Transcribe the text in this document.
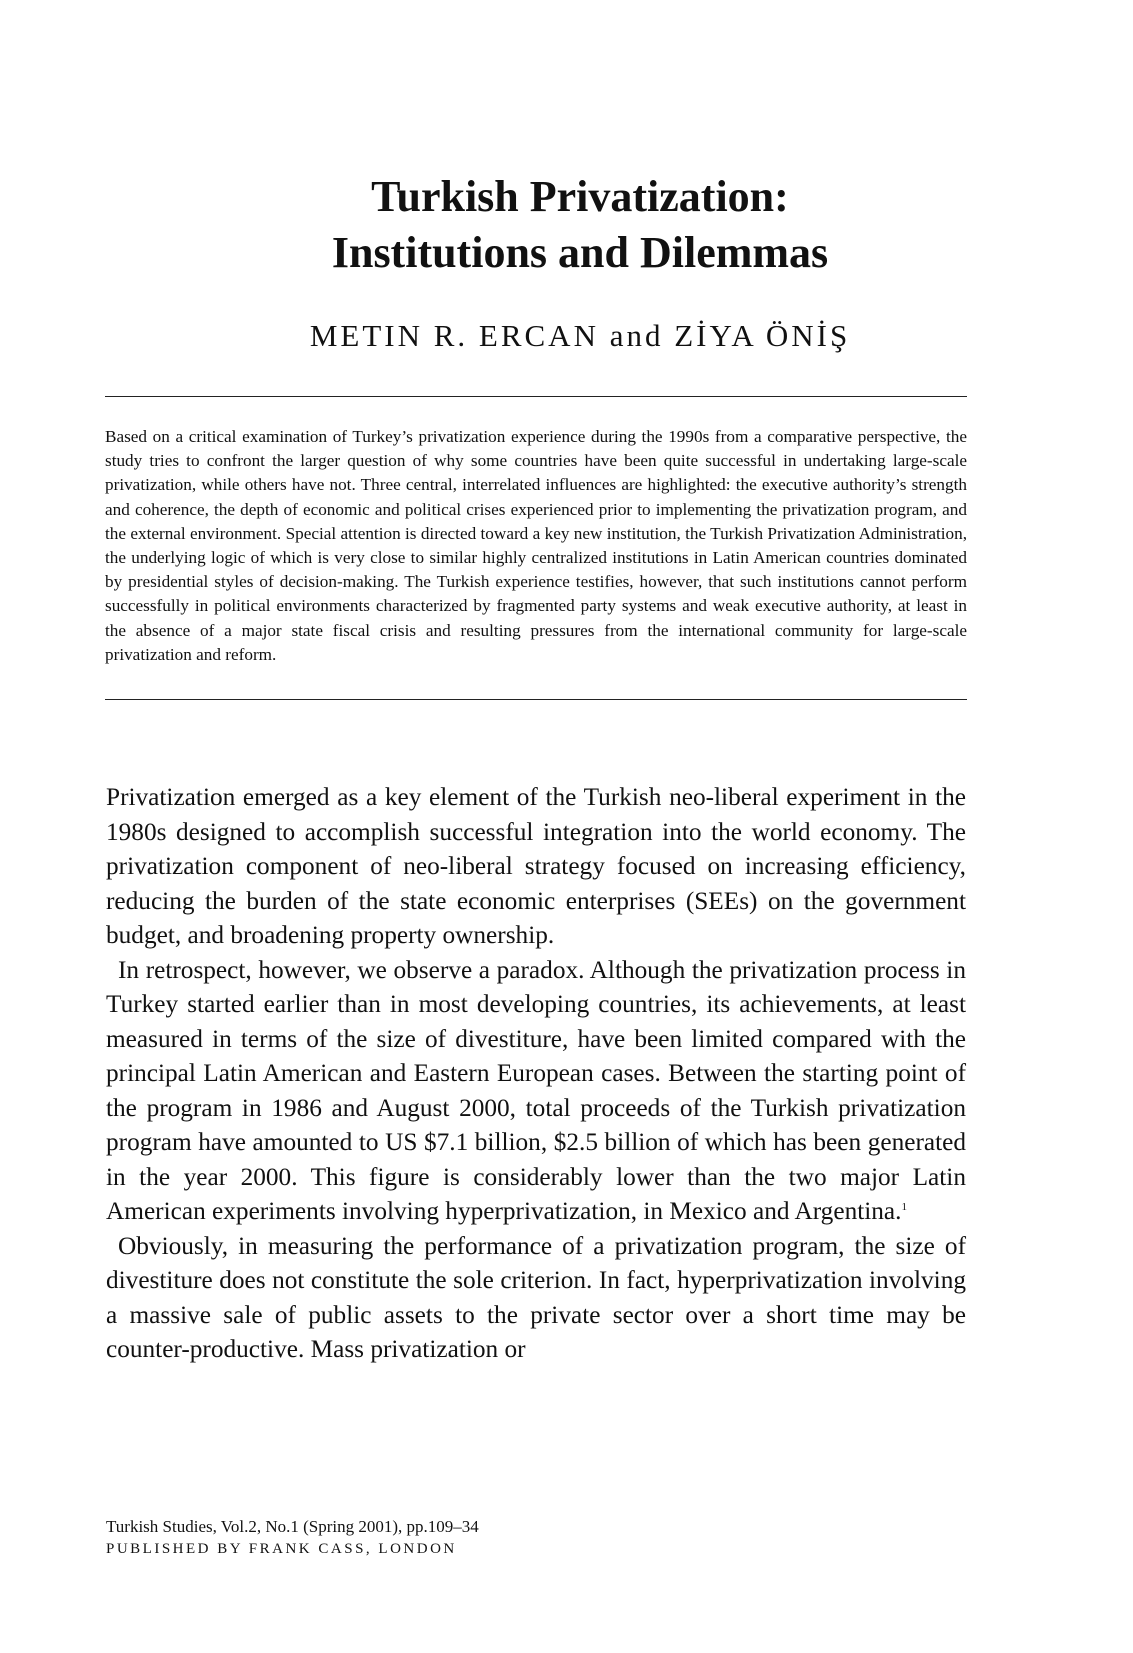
Turkish Privatization:
Institutions and Dilemmas
METIN R. ERCAN and ZİYA ÖNİŞ

Based on a critical examination of Turkey’s privatization experience during the 1990s from a comparative perspective, the study tries to confront the larger question of why some countries have been quite successful in undertaking large-scale privatization, while others have not. Three central, interrelated influences are highlighted: the executive authority’s strength and coherence, the depth of economic and political crises experienced prior to implementing the privatization program, and the external environment. Special attention is directed toward a key new institution, the Turkish Privatization Administration, the underlying logic of which is very close to similar highly centralized institutions in Latin American countries dominated by presidential styles of decision-making. The Turkish experience testifies, however, that such institutions cannot perform successfully in political environments characterized by fragmented party systems and weak executive authority, at least in the absence of a major state fiscal crisis and resulting pressures from the international community for large-scale privatization and reform.

Privatization emerged as a key element of the Turkish neo-liberal experiment in the 1980s designed to accomplish successful integration into the world economy. The privatization component of neo-liberal strategy focused on increasing efficiency, reducing the burden of the state economic enterprises (SEEs) on the government budget, and broadening property ownership.

In retrospect, however, we observe a paradox. Although the privatization process in Turkey started earlier than in most developing countries, its achievements, at least measured in terms of the size of divestiture, have been limited compared with the principal Latin American and Eastern European cases. Between the starting point of the program in 1986 and August 2000, total proceeds of the Turkish privatization program have amounted to US $7.1 billion, $2.5 billion of which has been generated in the year 2000. This figure is considerably lower than the two major Latin American experiments involving hyperprivatization, in Mexico and Argentina.$^1$

Obviously, in measuring the performance of a privatization program, the size of divestiture does not constitute the sole criterion. In fact, hyperprivatization involving a massive sale of public assets to the private sector over a short time may be counter-productive. Mass privatization or

Turkish Studies, Vol.2, No.1 (Spring 2001), pp.109–34
PUBLISHED BY FRANK CASS, LONDON
